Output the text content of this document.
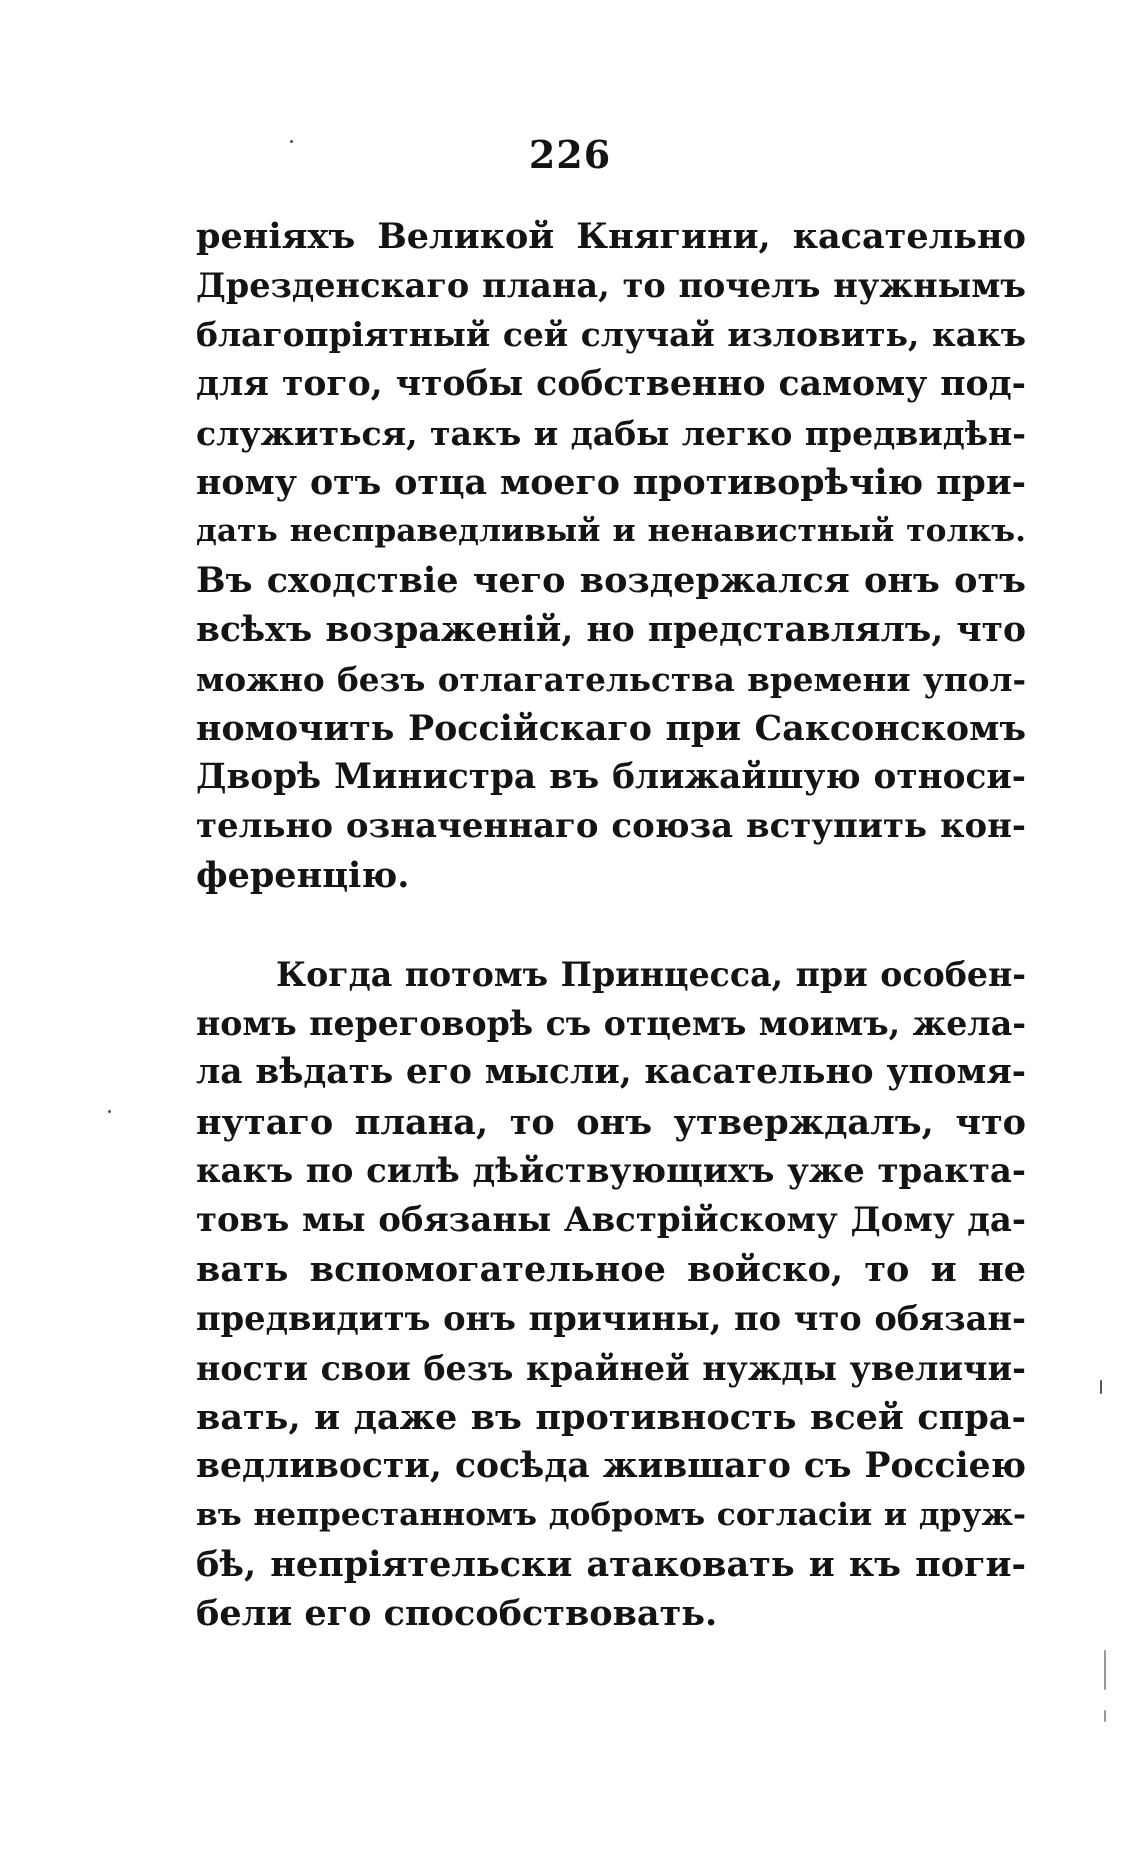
226
реніяхъ Великой Княгини, касательно
Дрезденскаго плана, то почелъ нужнымъ
благопріятный сей случай изловить, какъ
для того, чтобы собственно самому под-
служиться, такъ и дабы легко предвидѣн-
ному отъ отца моего противорѣчію при-
дать несправедливый и ненавистный толкъ.
Въ сходствіе чего воздержался онъ отъ
всѣхъ возраженій, но представлялъ, что
можно безъ отлагательства времени упол-
номочить Россійскаго при Саксонскомъ
Дворѣ Министра въ ближайшую относи-
тельно означеннаго союза вступить кон-
ференцію.
Когда потомъ Принцесса, при особен-
номъ переговорѣ съ отцемъ моимъ, жела-
ла вѣдать его мысли, касательно упомя-
нутаго плана, то онъ утверждалъ, что
какъ по силѣ дѣйствующихъ уже тракта-
товъ мы обязаны Австрійскому Дому да-
вать вспомогательное войско, то и не
предвидитъ онъ причины, по что обязан-
ности свои безъ крайней нужды увеличи-
вать, и даже въ противность всей спра-
ведливости, сосѣда жившаго съ Россіею
въ непрестанномъ добромъ согласіи и друж-
бѣ, непріятельски атаковать и къ поги-
бели его способствовать.
